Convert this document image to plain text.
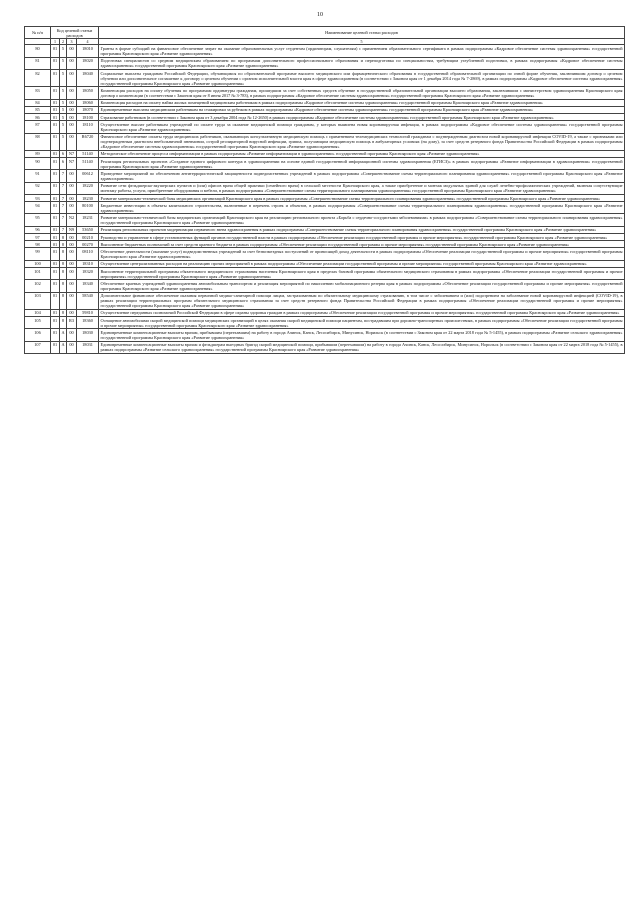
10
№ п/п	Код целевой статьи расходов				Наименование целевой статьи расходов
	1	2	3	4	5
80	01	5	00	18010	Гранты в форме субсидий на финансовое обеспечение затрат на оказание образовательных услуг студентам (ординаторам, слушателям) с применением образовательного сертификата в рамках подпрограммы «Кадровое обеспечение системы здравоохранения» государственной программы Красноярского края «Развитие здравоохранения»
81	01	5	00	18020	Подготовка специалистов со средним медицинским образованием по программам дополнительного профессионального образования и переподготовка по специальностям, требующим углубленной подготовки, в рамках подпрограммы «Кадровое обеспечение системы здравоохранения» государственной программы Красноярского края «Развитие здравоохранения»
82	01	5	00	18040	Социальные выплаты гражданам Российской Федерации, обучающимся по образовательной программе высшего медицинского или фармацевтического образования в государственной образовательной организации по очной форме обучения, заключившим договор о целевом обучении или дополнительное соглашение к договору о целевом обучении с органом исполнительной власти края в сфере здравоохранения (в соответствии с Законом края от 1 декабря 2014 года № 7-2869), в рамках подпрограммы «Кадровое обеспечение системы здравоохранения» государственной программы Красноярского края «Развитие здравоохранения»
83	01	5	00	18050	Компенсация расходов на оплату обучения по программам ординатуры гражданам, прошедшим за счет собственных средств обучение в государственной образовательной организации высшего образования, заключившим с министерством здравоохранения Красноярского края договор о компенсации (в соответствии с Законом края от 8 июня 2017 № 3-783), в рамках подпрограммы «Кадровое обеспечение системы здравоохранения» государственной программы Красноярского края «Развитие здравоохранения»
84	01	5	00	18060	Компенсация расходов на оплату найма жилых помещений медицинским работникам в рамках подпрограммы «Кадровое обеспечение системы здравоохранения» государственной программы Красноярского края «Развитие здравоохранения»
85	01	5	00	18070	Единовременные выплаты медицинским работникам на стажировки за рубежом в рамках подпрограммы «Кадровое обеспечение системы здравоохранения» государственной программы Красноярского края «Развитие здравоохранения»
86	01	5	00	18100	Страхование работников (в соответствии с Законом края от 3 декабря 2004 года № 12-2650) в рамках подпрограммы «Кадровое обеспечение системы здравоохранения» государственной программы Красноярского края «Развитие здравоохранения»
87	01	5	00	18110	Осуществление выплат работникам учреждений по оплате труда за оказание медицинской помощи гражданам, у которых выявлена новая коронавирусная инфекция, в рамках подпрограммы «Кадровое обеспечение системы здравоохранения» государственной программы Красноярского края «Развитие здравоохранения»
88	01	5	00	R6720	Финансовое обеспечение оплаты труда медицинских работников, оказывающих консультативную медицинскую помощь с применением телемедицинских технологий гражданам с подтвержденным диагнозом новой коронавирусной инфекции COVID-19, а также с признаками или подтвержденным диагнозом внебольничной пневмонии, острой респираторной вирусной инфекции, гриппа, получающим медицинскую помощь в амбулаторных условиях (на дому), за счет средств резервного фонда Правительства Российской Федерации в рамках подпрограммы «Кадровое обеспечение системы здравоохранения» государственной программы Красноярского края «Развитие здравоохранения»
89	01	6	N7	51140	Методическое обеспечение процесса информатизации в рамках подпрограммы «Развитие информатизации в здравоохранении» государственной программы Красноярского края «Развитие здравоохранения»
90	01	6	N7	51140	Реализация региональных проектов «Создание единого цифрового контура в здравоохранении на основе единой государственной информационной системы здравоохранения (ЕГИСЗ)» в рамках подпрограммы «Развитие информатизации в здравоохранении» государственной программы Красноярского края «Развитие здравоохранения»
91	01	7	00	00612	Проведение мероприятий по обеспечению антитеррористической защищенности подведомственных учреждений в рамках подпрограммы «Совершенствование схемы территориального планирования здравоохранения» государственной программы Красноярского края «Развитие здравоохранения»
92	01	7	00	18220	Развитие сети фельдшерско-акушерских пунктов и (или) офисов врача общей практики (семейного врача) в сельской местности Красноярского края, а также приобретение и монтаж модульных зданий для служб лечебно-профилактических учреждений, включая сопутствующие монтажу работы, услуги, приобретение оборудования и мебели, в рамках подпрограммы «Совершенствование схемы территориального планирования здравоохранения» государственной программы Красноярского края «Развитие здравоохранения»
93	01	7	00	18230	Развитие материально-технической базы медицинских организаций Красноярского края в рамках подпрограммы «Совершенствование схемы территориального планирования здравоохранения» государственной программы Красноярского края «Развитие здравоохранения»
94	01	7	00	80100	Бюджетные инвестиции в объекты капитального строительства, включенные в перечень строек и объектов, в рамках подпрограммы «Совершенствование схемы территориального планирования здравоохранения» государственной программы Красноярского края «Развитие здравоохранения»
95	01	7	N2	18231	Развитие материально-технической базы медицинских организаций Красноярского края на реализацию регионального проекта «Борьба с сердечно-сосудистыми заболеваниями» в рамках подпрограммы «Совершенствование схемы территориального планирования здравоохранения» государственной программы Красноярского края «Развитие здравоохранения»
96	01	7	N9	53650	Реализация региональных проектов модернизации первичного звена здравоохранения в рамках подпрограммы «Совершенствование схемы территориального планирования здравоохранения» государственной программы Красноярского края «Развитие здравоохранения»
97	01	8	00	00210	Руководство и управление в сфере установленных функций органов государственной власти в рамках подпрограммы «Обеспечение реализации государственной программы и прочие мероприятия» государственной программы Красноярского края «Развитие здравоохранения»
98	01	8	00	00270	Выполнение бюджетных полномочий за счет средств краевого бюджета в рамках подпрограммы «Обеспечение реализации государственной программы и прочие мероприятия» государственной программы Красноярского края «Развитие здравоохранения»
99	01	8	00	08110	Обеспечение деятельности (оказание услуг) подведомственных учреждений за счет безвозмездных поступлений от приносящей доход деятельности в рамках подпрограммы «Обеспечение реализации государственной программы и прочие мероприятия» государственной программы Красноярского края «Развитие здравоохранения»
100	01	8	00	18310	Осуществление централизованных расходов на реализацию прочих мероприятий в рамках подпрограммы «Обеспечение реализации государственной программы и прочие мероприятия» государственной программы Красноярского края «Развитие здравоохранения»
101	01	8	00	18320	Выполнение территориальной программы обязательного медицинского страхования населения Красноярского края в пределах базовой программы обязательного медицинского страхования в рамках подпрограммы «Обеспечение реализации государственной программы и прочие мероприятия» государственной программы Красноярского края «Развитие здравоохранения»
102	01	8	00	18340	Обеспечение краевых учреждений здравоохранения автомобильным транспортом и реализация мероприятий по накоплению мобилизационного резерва края в рамках подпрограммы «Обеспечение реализации государственной программы и прочие мероприятия» государственной программы Красноярского края «Развитие здравоохранения»
103	01	8	00	58540	Дополнительное финансовое обеспечение оказания первичной медико-санитарной помощи лицам, застрахованным по обязательному медицинскому страхованию, в том числе с заболеванием и (или) подозрением на заболевание новой коронавирусной инфекцией (COVID-19), в рамках реализации территориальных программ обязательного медицинского страхования за счет средств резервного фонда Правительства Российской Федерации в рамках подпрограммы «Обеспечение реализации государственной программы и прочие мероприятия» государственной программы Красноярского края «Развитие здравоохранения»
104	01	8	00	59810	Осуществление переданных полномочий Российской Федерации в сфере охраны здоровья граждан в рамках подпрограммы «Обеспечение реализации государственной программы и прочие мероприятия» государственной программы Красноярского края «Развитие здравоохранения»
105	01	8	R3	18360	Оснащение автомобилями скорой медицинской помощи медицинских организаций в целях оказания скорой медицинской помощи пациентам, пострадавшим при дорожно-транспортных происшествиях, в рамках подпрограммы «Обеспечение реализации государственной программы и прочие мероприятия» государственной программы Красноярского края «Развитие здравоохранения»
106	01	А	00	18030	Единовременные компенсационные выплаты врачам, прибывшим (переехавшим) на работу в города Ачинск, Канск, Лесосибирск, Минусинск, Норильск (в соответствии с Законом края от 22 марта 2018 года № 5-1455), в рамках подпрограммы «Развитие сельского здравоохранения» государственной программы Красноярского края «Развитие здравоохранения»
107	01	А	00	18031	Единовременные компенсационные выплаты врачам и фельдшерам выездных бригад скорой медицинской помощи, прибывшим (переехавшим) на работу в города Ачинск, Канск, Лесосибирск, Минусинск, Норильск (в соответствии с Законом края от 22 марта 2018 года № 5-1455), в рамках подпрограммы «Развитие сельского здравоохранения» государственной программы Красноярского края «Развитие здравоохранения»
